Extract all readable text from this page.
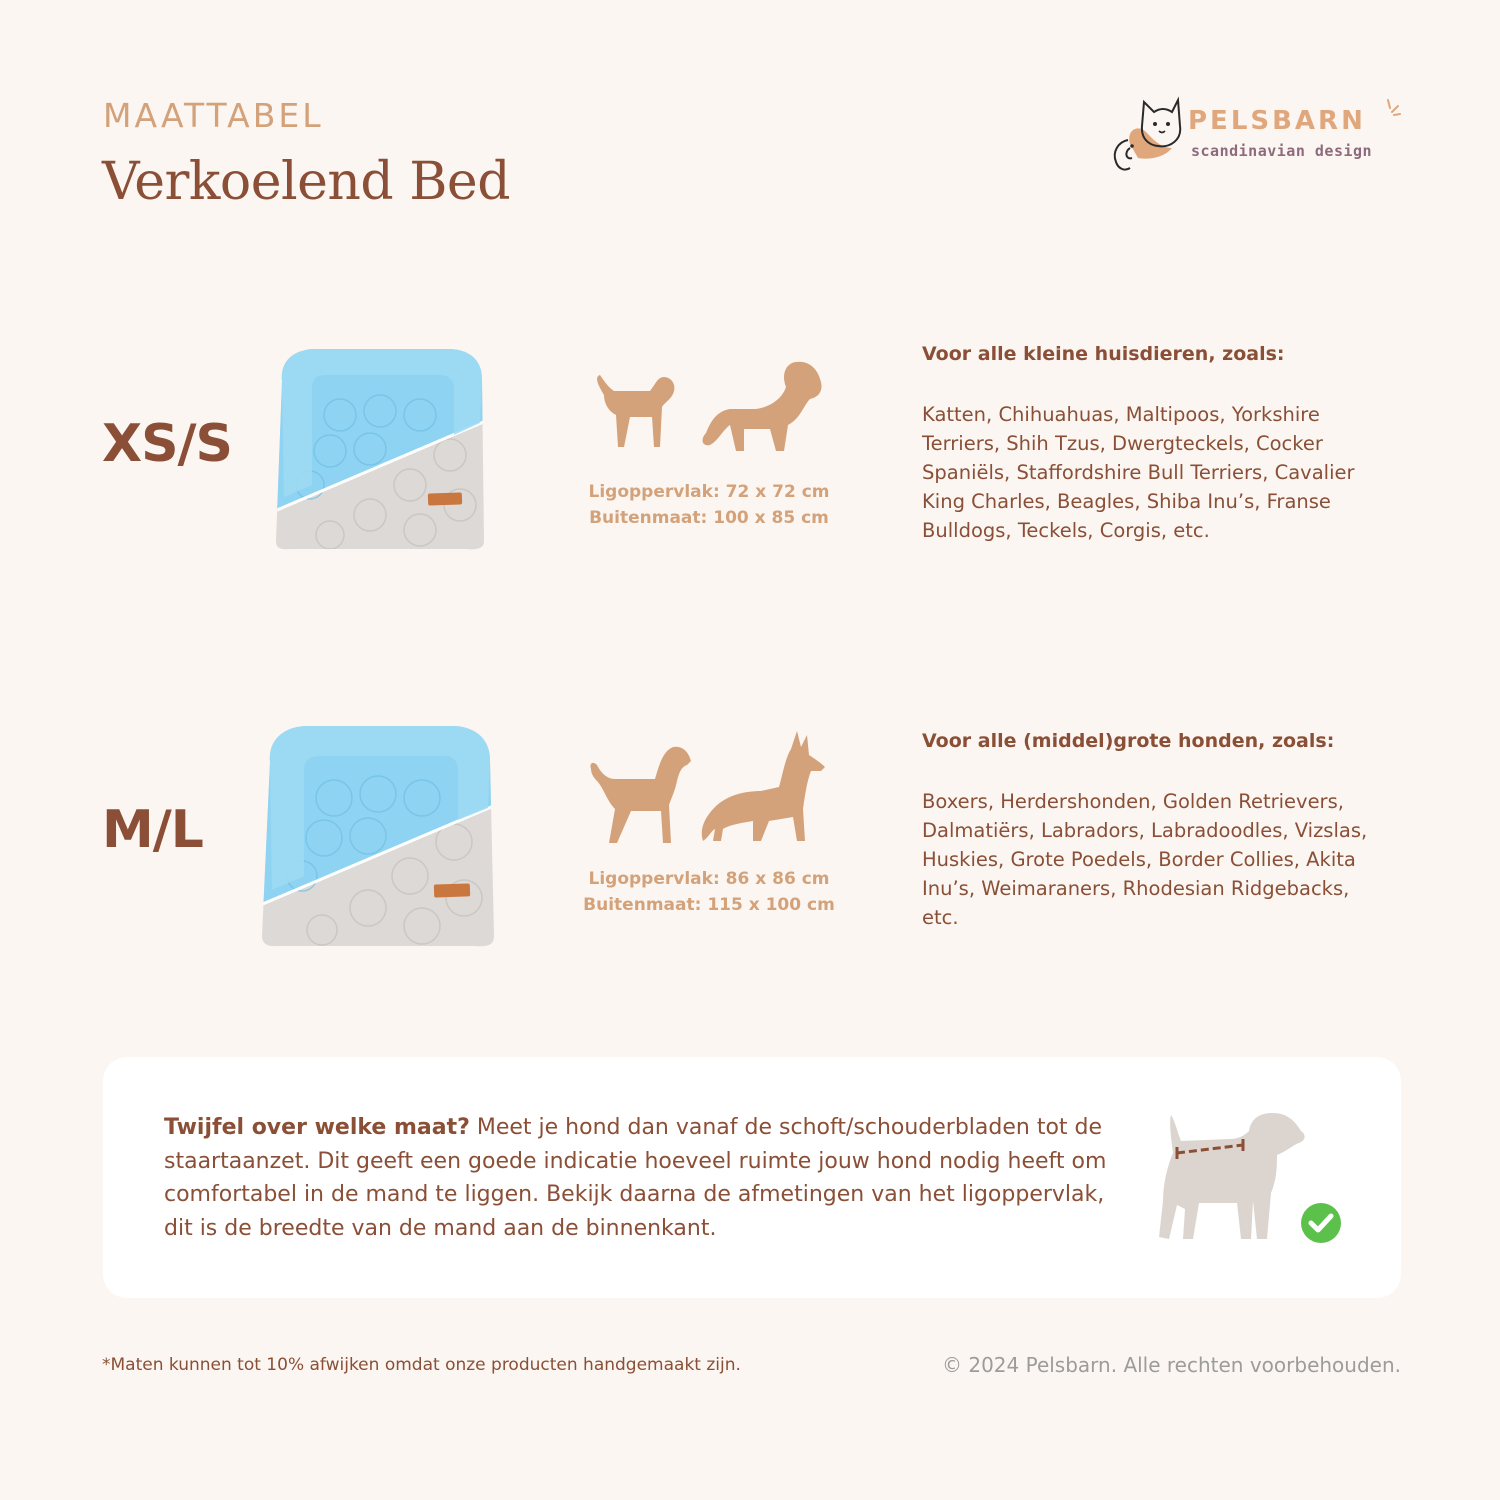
MAATTABEL
Verkoelend Bed
PELSBARN
scandinavian design
XS/S
Ligoppervlak: 72 x 72 cm
Buitenmaat: 100 x 85 cm
Voor alle kleine huisdieren, zoals:
Katten, Chihuahuas, Maltipoos, Yorkshire Terriers, Shih Tzus, Dwergteckels, Cocker Spaniëls, Staffordshire Bull Terriers, Cavalier King Charles, Beagles, Shiba Inu’s, Franse Bulldogs, Teckels, Corgis, etc.
M/L
Ligoppervlak: 86 x 86 cm
Buitenmaat: 115 x 100 cm
Voor alle (middel)grote honden, zoals:
Boxers, Herdershonden, Golden Retrievers, Dalmatiërs, Labradors, Labradoodles, Vizslas, Huskies, Grote Poedels, Border Collies, Akita Inu’s, Weimaraners, Rhodesian Ridgebacks, etc.
Twijfel over welke maat? Meet je hond dan vanaf de schoft/schouderbladen tot de staartaanzet. Dit geeft een goede indicatie hoeveel ruimte jouw hond nodig heeft om comfortabel in de mand te liggen. Bekijk daarna de afmetingen van het ligoppervlak, dit is de breedte van de mand aan de binnenkant.
*Maten kunnen tot 10% afwijken omdat onze producten handgemaakt zijn.	© 2024 Pelsbarn. Alle rechten voorbehouden.
